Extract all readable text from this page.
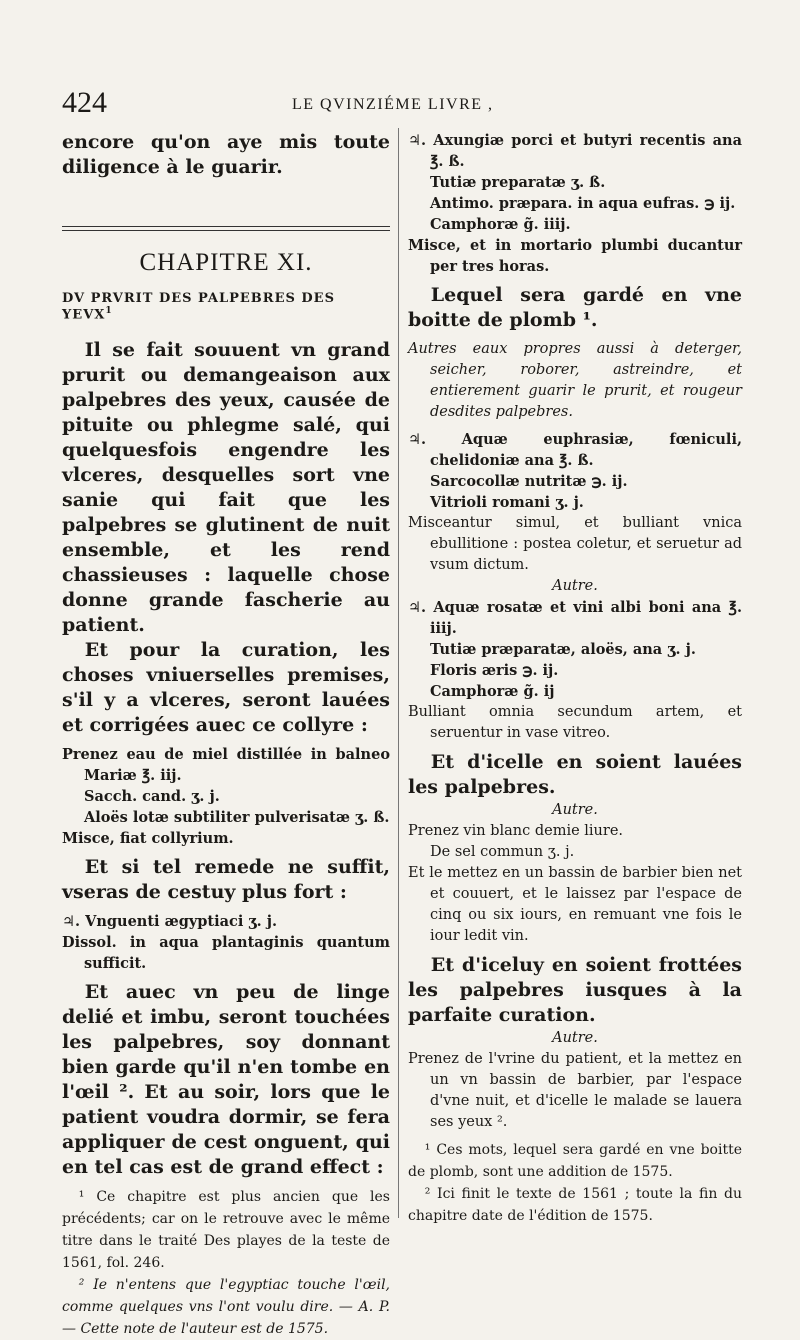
424	LE QVINZIÉME LIVRE ,

encore qu'on aye mis toute diligence à le guarir.

CHAPITRE XI.
DV PRVRIT DES PALPEBRES DES YEVX$^1$

Il se fait souuent vn grand prurit ou demangeaison aux palpebres des yeux, causée de pituite ou phlegme salé, qui quelquesfois engendre les vlceres, desquelles sort vne sanie qui fait que les palpebres se glutinent de nuit ensemble, et les rend chassieuses : laquelle chose donne grande fascherie au patient.

Et pour la curation, les choses vniuerselles premises, s'il y a vlceres, seront lauées et corrigées auec ce collyre :

Prenez eau de miel distillée in balneo Mariæ ℥. iij.

Sacch. cand. ʒ. j.

Aloës lotæ subtiliter pulverisatæ ʒ. ß.

Misce, fiat collyrium.

Et si tel remede ne suffit, vseras de cestuy plus fort :

♃. Vnguenti ægyptiaci ʒ. j.

Dissol. in aqua plantaginis quantum sufficit.

Et auec vn peu de linge delié et imbu, seront touchées les palpebres, soy donnant bien garde qu'il n'en tombe en l'œil ². Et au soir, lors que le patient voudra dormir, se fera appliquer de cest onguent, qui en tel cas est de grand effect :

¹ Ce chapitre est plus ancien que les précédents; car on le retrouve avec le même titre dans le traité Des playes de la teste de 1561, fol. 246.

² Ie n'entens que l'egyptiac touche l'œil, comme quelques vns l'ont voulu dire. — A. P. — Cette note de l'auteur est de 1575.

♃. Axungiæ porci et butyri recentis ana ℥. ß.

Tutiæ preparatæ ʒ. ß.

Antimo. præpara. in aqua eufras. ℈ ij.

Camphoræ g̃. iiij.

Misce, et in mortario plumbi ducantur per tres horas.

Lequel sera gardé en vne boitte de plomb ¹.

Autres eaux propres aussi à deterger, seicher, roborer, astreindre, et entierement guarir le prurit, et rougeur desdites palpebres.

♃. Aquæ euphrasiæ, fœniculi, chelidoniæ ana ℥. ß.

Sarcocollæ nutritæ ℈. ij.

Vitrioli romani ʒ. j.

Misceantur simul, et bulliant vnica ebullitione : postea coletur, et seruetur ad vsum dictum.

Autre.

♃. Aquæ rosatæ et vini albi boni ana ℥. iiij.

Tutiæ præparatæ, aloës, ana ʒ. j.

Floris æris ℈. ij.

Camphoræ g̃. ij

Bulliant omnia secundum artem, et seruentur in vase vitreo.

Et d'icelle en soient lauées les palpebres.

Autre.

Prenez vin blanc demie liure.

De sel commun ʒ. j.

Et le mettez en un bassin de barbier bien net et couuert, et le laissez par l'espace de cinq ou six iours, en remuant vne fois le iour ledit vin.

Et d'iceluy en soient frottées les palpebres iusques à la parfaite curation.

Autre.

Prenez de l'vrine du patient, et la mettez en un vn bassin de barbier, par l'espace d'vne nuit, et d'icelle le malade se lauera ses yeux ².

¹ Ces mots, lequel sera gardé en vne boitte de plomb, sont une addition de 1575.

² Ici finit le texte de 1561 ; toute la fin du chapitre date de l'édition de 1575.
